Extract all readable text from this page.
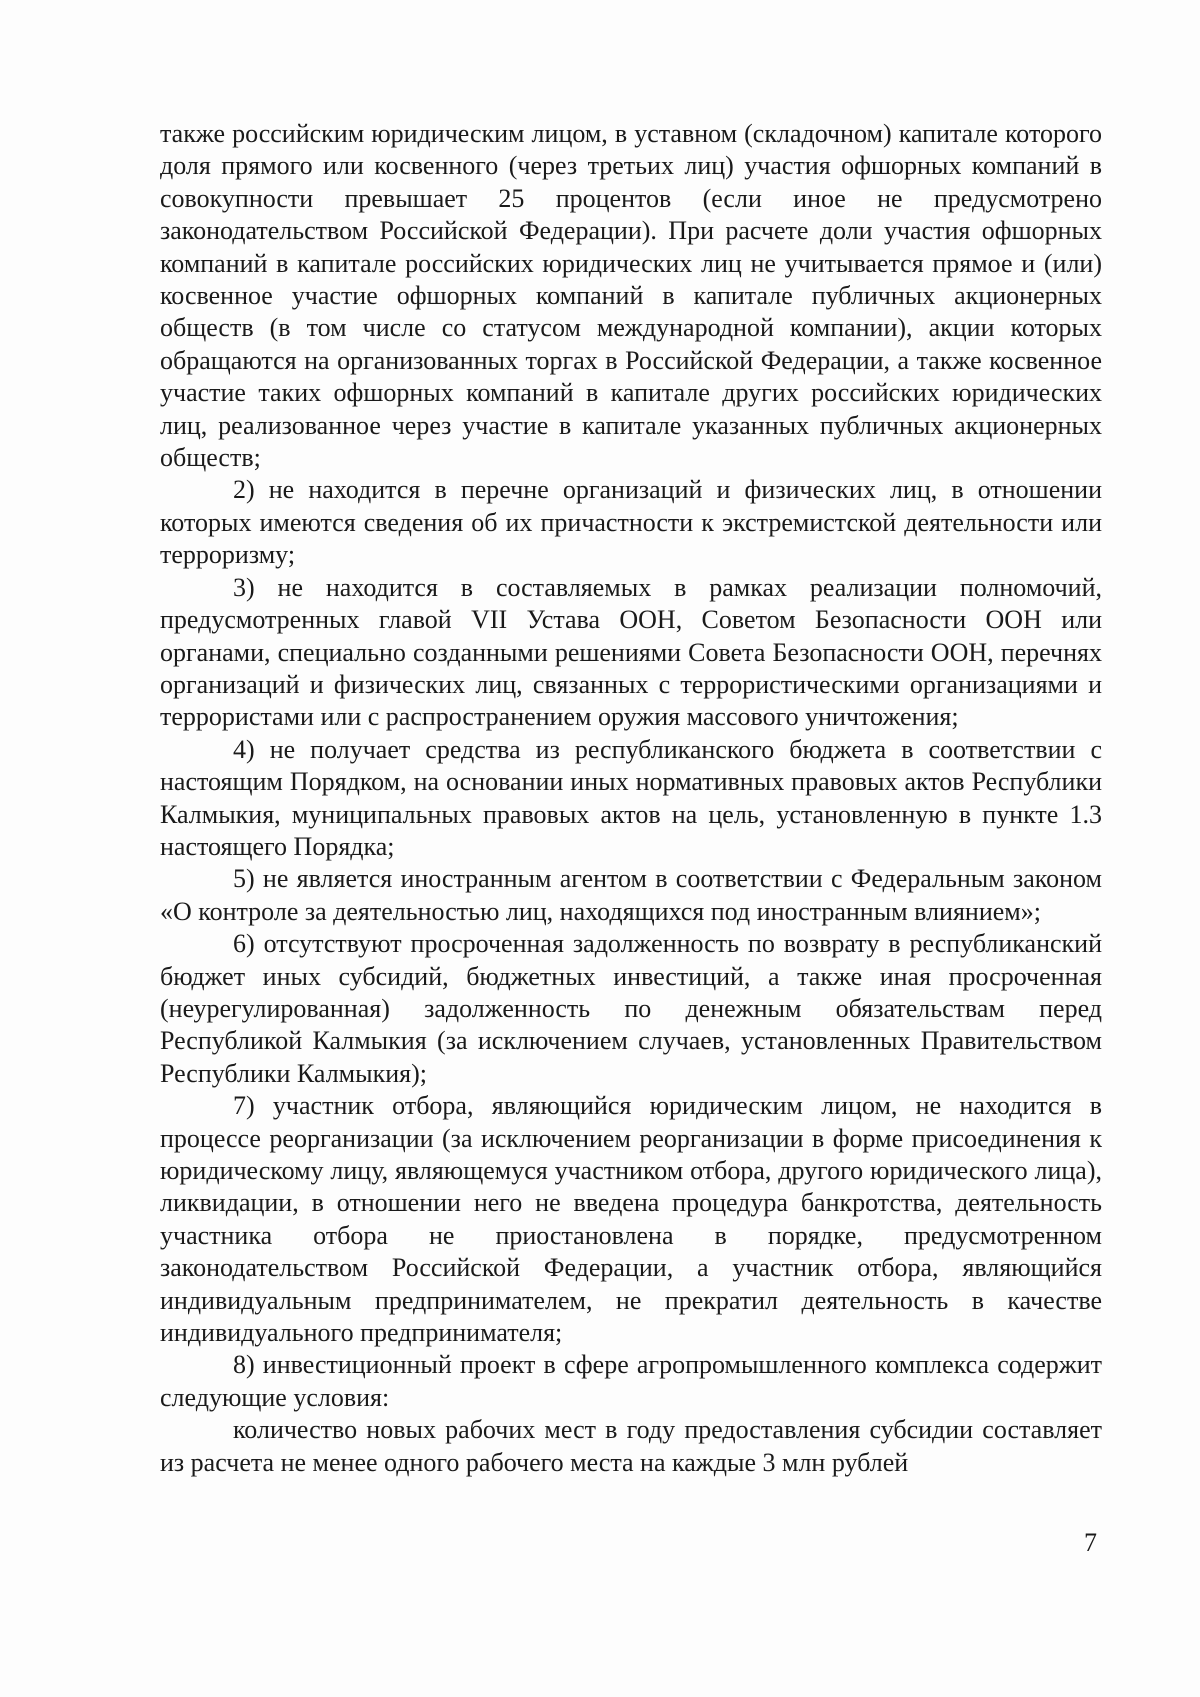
также российским юридическим лицом, в уставном (складочном) капитале которого доля прямого или косвенного (через третьих лиц) участия офшорных компаний в совокупности превышает 25 процентов (если иное не предусмотрено законодательством Российской Федерации). При расчете доли участия офшорных компаний в капитале российских юридических лиц не учитывается прямое и (или) косвенное участие офшорных компаний в капитале публичных акционерных обществ (в том числе со статусом международной компании), акции которых обращаются на организованных торгах в Российской Федерации, а также косвенное участие таких офшорных компаний в капитале других российских юридических лиц, реализованное через участие в капитале указанных публичных акционерных обществ;

2) не находится в перечне организаций и физических лиц, в отношении которых имеются сведения об их причастности к экстремистской деятельности или терроризму;

3) не находится в составляемых в рамках реализации полномочий, предусмотренных главой VII Устава ООН, Советом Безопасности ООН или органами, специально созданными решениями Совета Безопасности ООН, перечнях организаций и физических лиц, связанных с террористическими организациями и террористами или с распространением оружия массового уничтожения;

4) не получает средства из республиканского бюджета в соответствии с настоящим Порядком, на основании иных нормативных правовых актов Республики Калмыкия, муниципальных правовых актов на цель, установленную в пункте 1.3 настоящего Порядка;

5) не является иностранным агентом в соответствии с Федеральным законом «О контроле за деятельностью лиц, находящихся под иностранным влиянием»;

6) отсутствуют просроченная задолженность по возврату в республиканский бюджет иных субсидий, бюджетных инвестиций, а также иная просроченная (неурегулированная) задолженность по денежным обязательствам перед Республикой Калмыкия (за исключением случаев, установленных Правительством Республики Калмыкия);

7) участник отбора, являющийся юридическим лицом, не находится в процессе реорганизации (за исключением реорганизации в форме присоединения к юридическому лицу, являющемуся участником отбора, другого юридического лица), ликвидации, в отношении него не введена процедура банкротства, деятельность участника отбора не приостановлена в порядке, предусмотренном законодательством Российской Федерации, а участник отбора, являющийся индивидуальным предпринимателем, не прекратил деятельность в качестве индивидуального предпринимателя;

8) инвестиционный проект в сфере агропромышленного комплекса содержит следующие условия:

количество новых рабочих мест в году предоставления субсидии составляет из расчета не менее одного рабочего места на каждые 3 млн рублей

7
